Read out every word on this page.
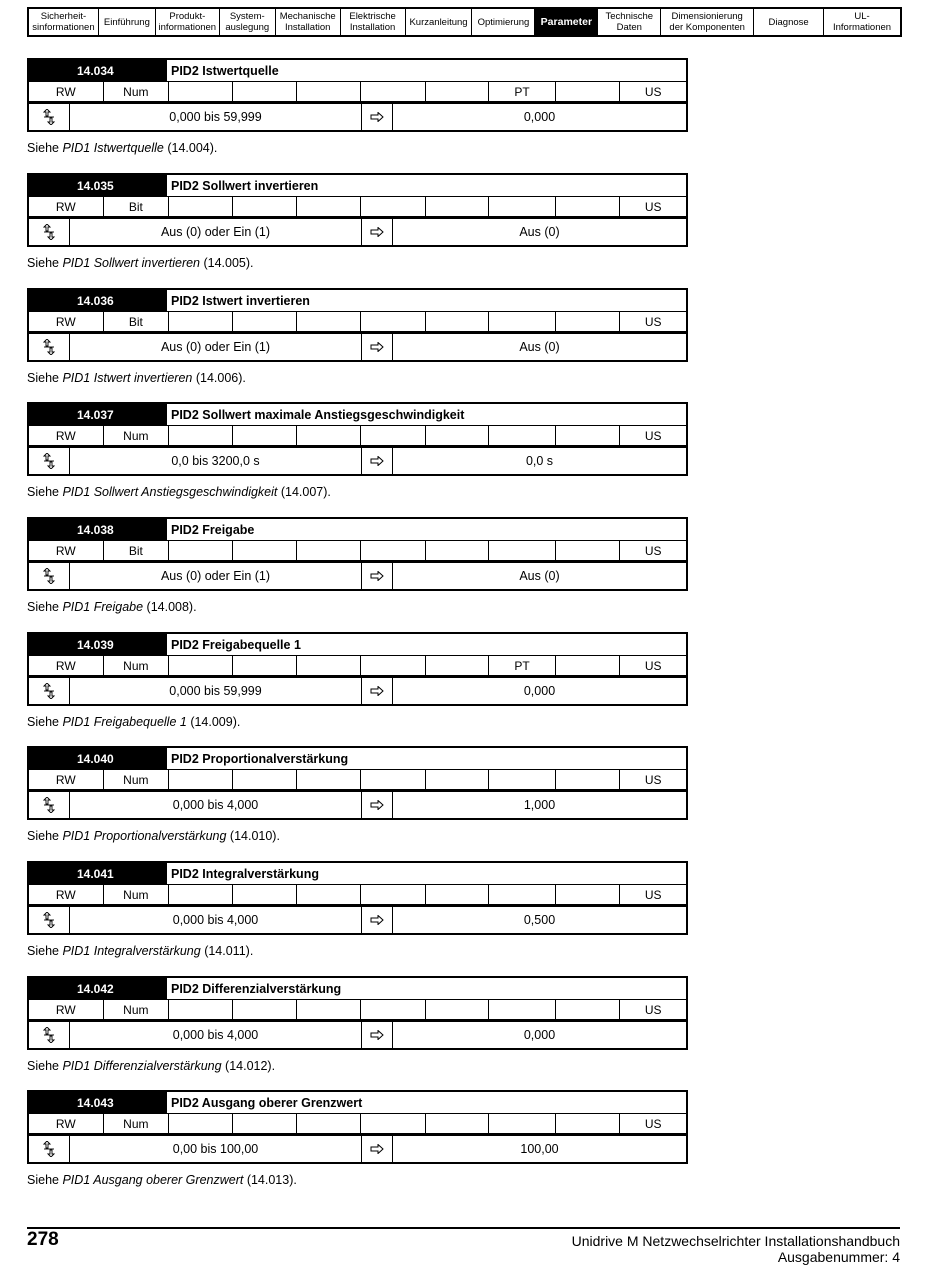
Sicherheit-
sinformationen Einführung	Produkt-
informationen
System-
auslegung
Mechanische
Installation
Elektrische
Installation	Kurzanleitung	Optimierung	Parameter	Technische
Daten
Dimensionierung
der Komponenten	Diagnose	UL-
Informationen
14.034	PID2 Istwertquelle
RW	Num	PT	US
0,000 bis 59,999	0,000
Siehe PID1 Istwertquelle (14.004).
14.035	PID2 Sollwert invertieren
RW	Bit	US
Aus (0) oder Ein (1)	Aus (0)
Siehe PID1 Sollwert invertieren (14.005).
14.036	PID2 Istwert invertieren
RW	Bit	US
Aus (0) oder Ein (1)	Aus (0)
Siehe PID1 Istwert invertieren (14.006).
14.037	PID2 Sollwert maximale Anstiegsgeschwindigkeit
RW	Num	US
0,0 bis 3200,0 s	0,0 s
Siehe PID1 Sollwert Anstiegsgeschwindigkeit (14.007).
14.038	PID2 Freigabe
RW	Bit	US
Aus (0) oder Ein (1)	Aus (0)
Siehe PID1 Freigabe (14.008).
14.039	PID2 Freigabequelle 1
RW	Num	PT	US
0,000 bis 59,999	0,000
Siehe PID1 Freigabequelle 1 (14.009).
14.040	PID2 Proportionalverstärkung
RW	Num	US
0,000 bis 4,000	1,000
Siehe PID1 Proportionalverstärkung (14.010).
14.041	PID2 Integralverstärkung
RW	Num	US
0,000 bis 4,000	0,500
Siehe PID1 Integralverstärkung (14.011).
14.042	PID2 Differenzialverstärkung
RW	Num	US
0,000 bis 4,000	0,000
Siehe PID1 Differenzialverstärkung (14.012).
14.043	PID2 Ausgang oberer Grenzwert
RW	Num	US
0,00 bis 100,00	100,00
Siehe PID1 Ausgang oberer Grenzwert (14.013).
278	Unidrive M Netzwechselrichter Installationshandbuch
Ausgabenummer: 4
